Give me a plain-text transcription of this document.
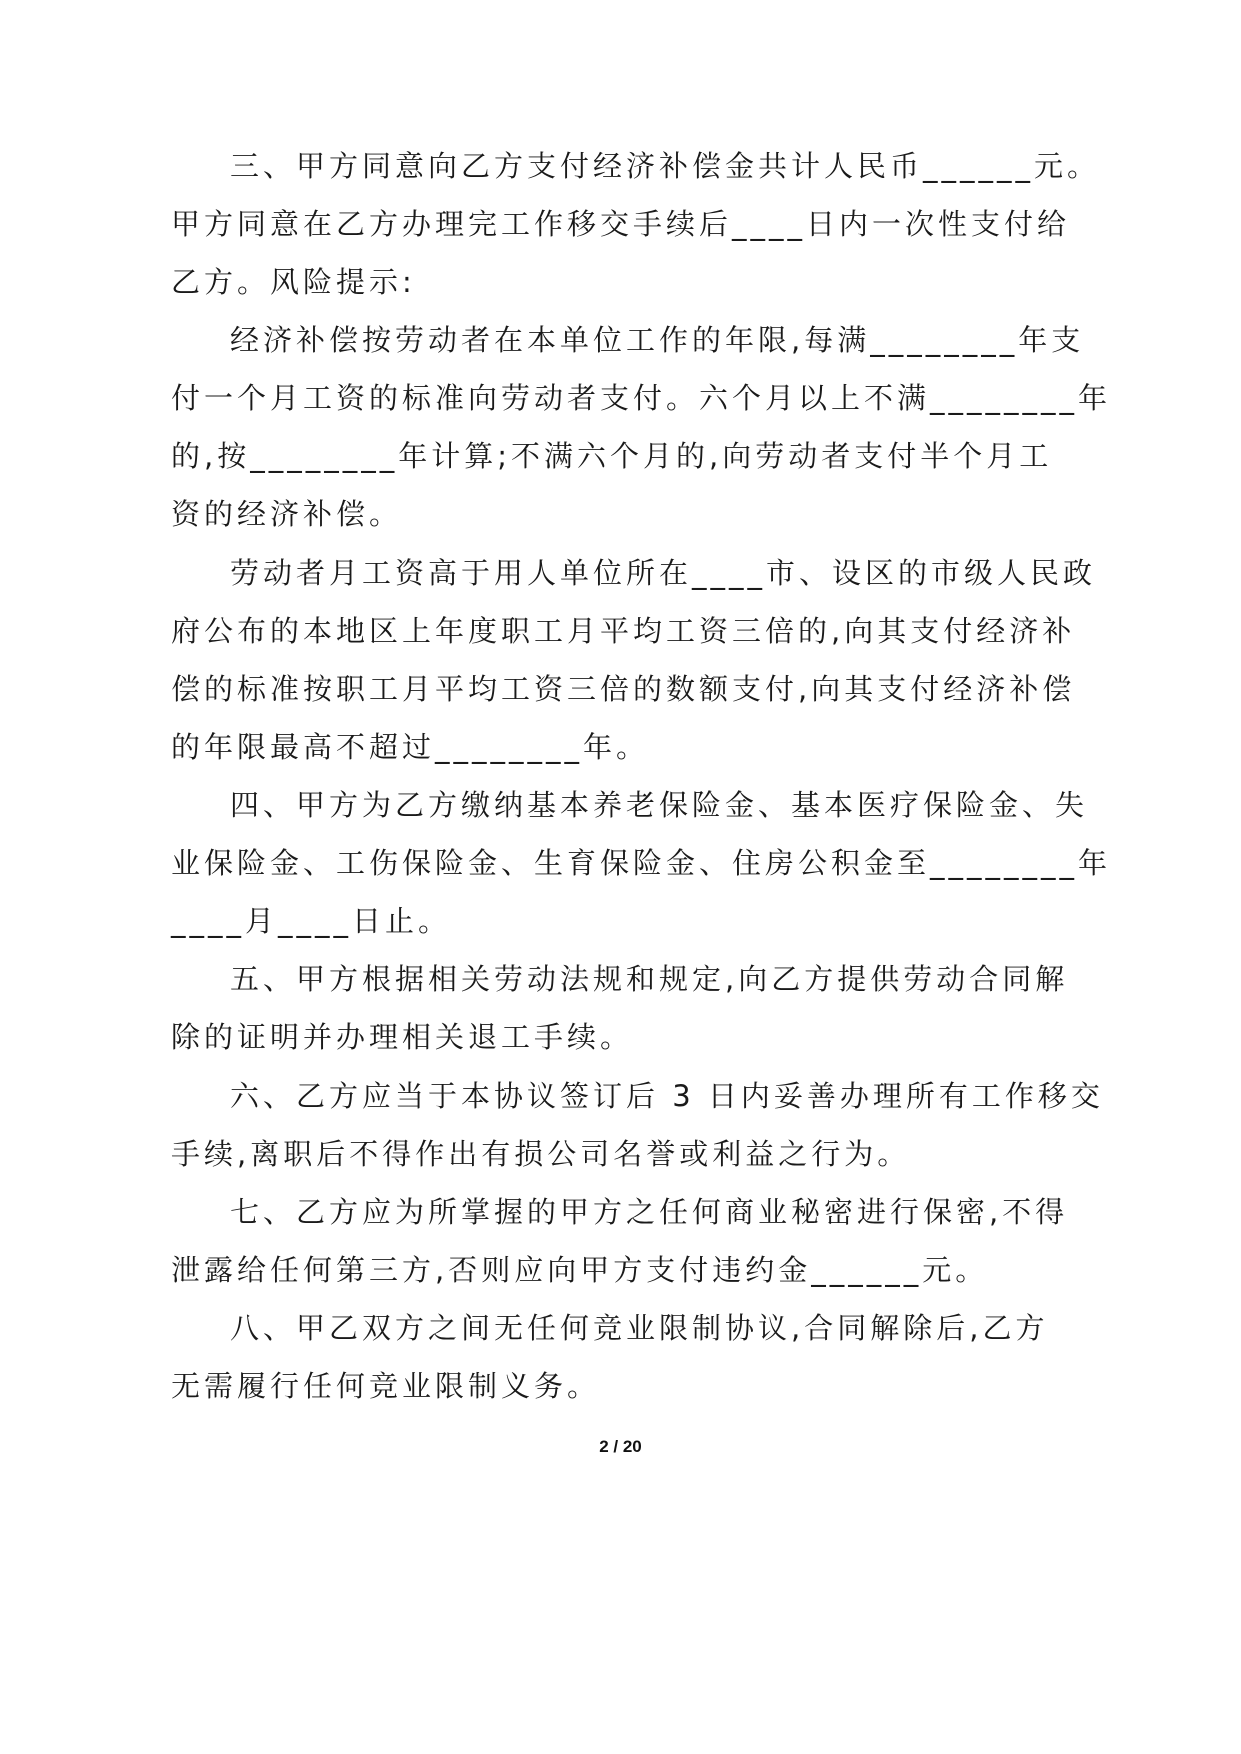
三、甲方同意向乙方支付经济补偿金共计人民币______元。
甲方同意在乙方办理完工作移交手续后____日内一次性支付给
乙方。风险提示:
经济补偿按劳动者在本单位工作的年限,每满________年支
付一个月工资的标准向劳动者支付。六个月以上不满________年
的,按________年计算;不满六个月的,向劳动者支付半个月工
资的经济补偿。
劳动者月工资高于用人单位所在____市、设区的市级人民政
府公布的本地区上年度职工月平均工资三倍的,向其支付经济补
偿的标准按职工月平均工资三倍的数额支付,向其支付经济补偿
的年限最高不超过________年。
四、甲方为乙方缴纳基本养老保险金、基本医疗保险金、失
业保险金、工伤保险金、生育保险金、住房公积金至________年
____月____日止。
五、甲方根据相关劳动法规和规定,向乙方提供劳动合同解
除的证明并办理相关退工手续。
六、乙方应当于本协议签订后 3 日内妥善办理所有工作移交
手续,离职后不得作出有损公司名誉或利益之行为。
七、乙方应为所掌握的甲方之任何商业秘密进行保密,不得
泄露给任何第三方,否则应向甲方支付违约金______元。
八、甲乙双方之间无任何竞业限制协议,合同解除后,乙方
无需履行任何竞业限制义务。
2 / 20
